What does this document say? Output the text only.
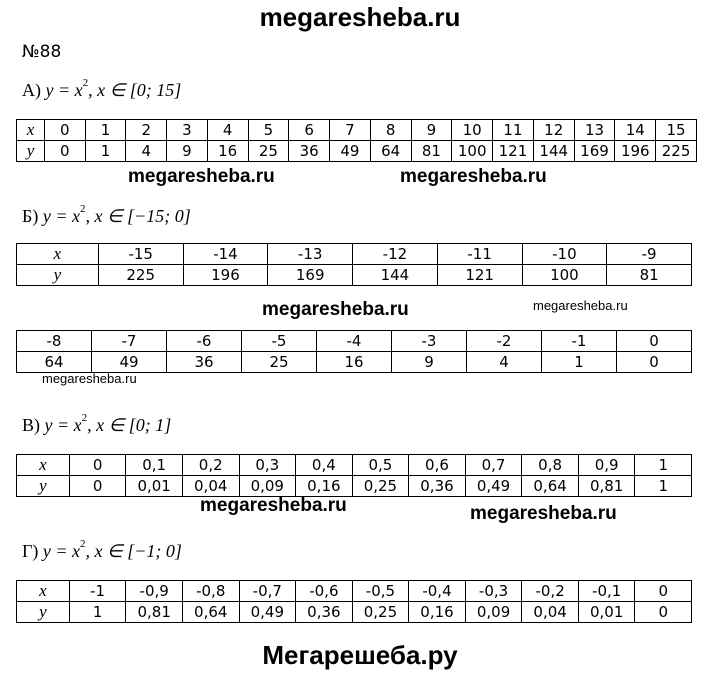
megaresheba.ru
№88
А) $y = x^2$, x ∈ [0; 15]
x	0	1	2	3	4	5	6	7	8	9	10	11	12	13	14	15
y	0	1	4	9	16	25	36	49	64	81	100	121	144	169	196	225
Б) $y = x^2$, x ∈ [−15; 0]
x	-15	-14	-13	-12	-11	-10	-9
y	225	196	169	144	121	100	81
-8	-7	-6	-5	-4	-3	-2	-1	0
64	49	36	25	16	9	4	1	0
В) $y = x^2$, x ∈ [0; 1]
x	0	0,1	0,2	0,3	0,4	0,5	0,6	0,7	0,8	0,9	1
y	0	0,01	0,04	0,09	0,16	0,25	0,36	0,49	0,64	0,81	1
Г) $y = x^2$, x ∈ [−1; 0]
x	-1	-0,9	-0,8	-0,7	-0,6	-0,5	-0,4	-0,3	-0,2	-0,1	0
y	1	0,81	0,64	0,49	0,36	0,25	0,16	0,09	0,04	0,01	0
megaresheba.ru	megaresheba.ru
megaresheba.ru	megaresheba.ru
megaresheba.ru
megaresheba.ru	megaresheba.ru
Мегарешеба.ру
